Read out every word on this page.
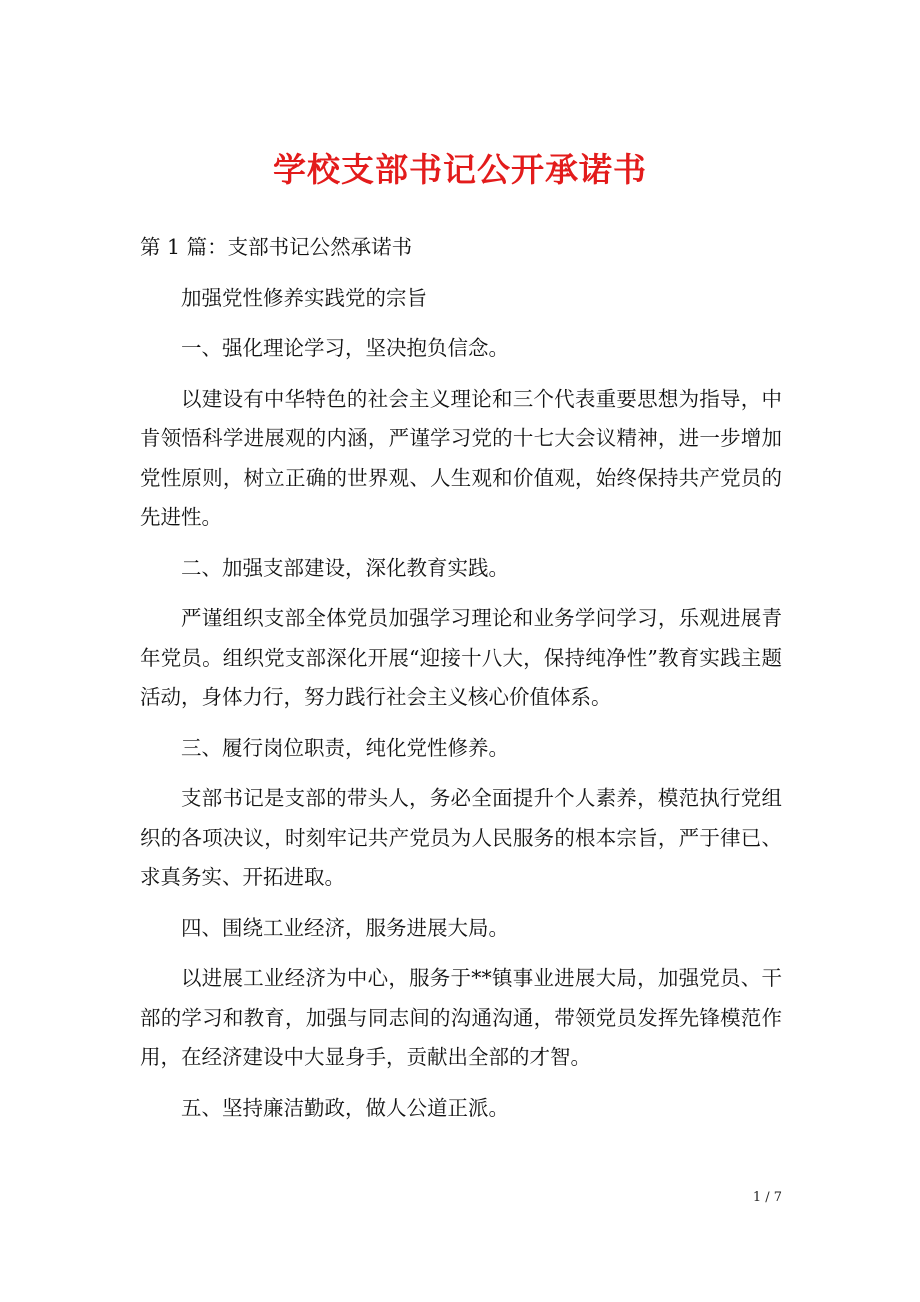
学校支部书记公开承诺书

第 1 篇：支部书记公然承诺书

加强党性修养实践党的宗旨

一、强化理论学习，坚决抱负信念。

以建设有中华特色的社会主义理论和三个代表重要思想为指导，中肯领悟科学进展观的内涵，严谨学习党的十七大会议精神，进一步增加党性原则，树立正确的世界观、人生观和价值观，始终保持共产党员的先进性。

二、加强支部建设，深化教育实践。

严谨组织支部全体党员加强学习理论和业务学问学习，乐观进展青年党员。组织党支部深化开展“迎接十八大，保持纯净性”教育实践主题活动，身体力行，努力践行社会主义核心价值体系。

三、履行岗位职责，纯化党性修养。

支部书记是支部的带头人，务必全面提升个人素养，模范执行党组织的各项决议，时刻牢记共产党员为人民服务的根本宗旨，严于律已、求真务实、开拓进取。

四、围绕工业经济，服务进展大局。

以进展工业经济为中心，服务于**镇事业进展大局，加强党员、干部的学习和教育，加强与同志间的沟通沟通，带领党员发挥先锋模范作用，在经济建设中大显身手，贡献出全部的才智。

五、坚持廉洁勤政，做人公道正派。

1 / 7
